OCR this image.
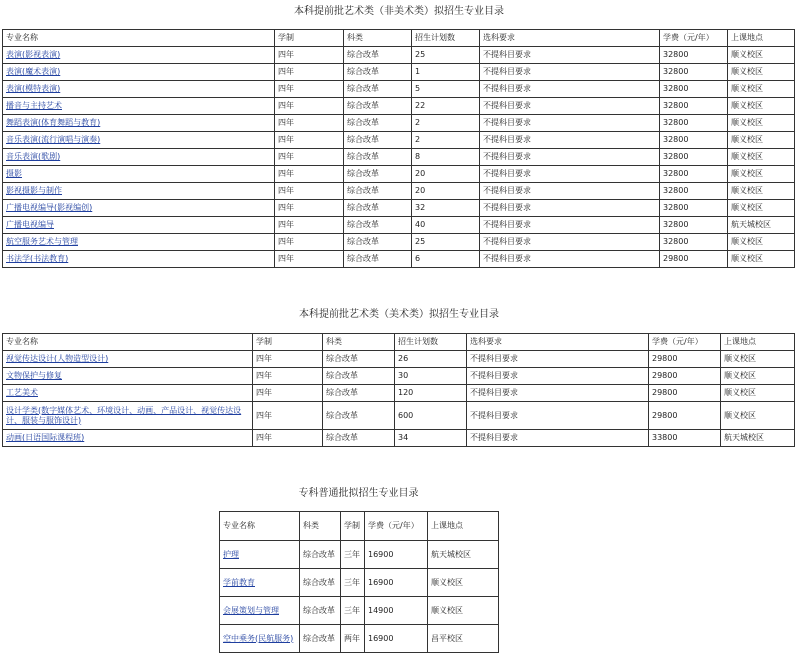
本科提前批艺术类（非美术类）拟招生专业目录
专业名称	学制	科类	招生计划数	选科要求	学费（元/年）	上课地点
表演(影视表演)	四年	综合改革	25	不提科目要求	32800	顺义校区
表演(魔术表演)	四年	综合改革	1	不提科目要求	32800	顺义校区
表演(模特表演)	四年	综合改革	5	不提科目要求	32800	顺义校区
播音与主持艺术	四年	综合改革	22	不提科目要求	32800	顺义校区
舞蹈表演(体育舞蹈与教育)	四年	综合改革	2	不提科目要求	32800	顺义校区
音乐表演(流行演唱与演奏)	四年	综合改革	2	不提科目要求	32800	顺义校区
音乐表演(歌剧)	四年	综合改革	8	不提科目要求	32800	顺义校区
摄影	四年	综合改革	20	不提科目要求	32800	顺义校区
影视摄影与制作	四年	综合改革	20	不提科目要求	32800	顺义校区
广播电视编导(影视编创)	四年	综合改革	32	不提科目要求	32800	顺义校区
广播电视编导	四年	综合改革	40	不提科目要求	32800	航天城校区
航空服务艺术与管理	四年	综合改革	25	不提科目要求	32800	顺义校区
书法学(书法教育)	四年	综合改革	6	不提科目要求	29800	顺义校区
本科提前批艺术类（美术类）拟招生专业目录
专业名称	学制	科类	招生计划数	选科要求	学费（元/年）	上课地点
视觉传达设计(人物造型设计)	四年	综合改革	26	不提科目要求	29800	顺义校区
文物保护与修复	四年	综合改革	30	不提科目要求	29800	顺义校区
工艺美术	四年	综合改革	120	不提科目要求	29800	顺义校区
设计学类(数字媒体艺术、环境设计、动画、产品设计、视觉传达设计、服装与服饰设计)	四年	综合改革	600	不提科目要求	29800	顺义校区
动画(日语国际课程班)	四年	综合改革	34	不提科目要求	33800	航天城校区
专科普通批拟招生专业目录
专业名称	科类	学制	学费（元/年）	上课地点
护理	综合改革	三年	16900	航天城校区
学前教育	综合改革	三年	16900	顺义校区
会展策划与管理	综合改革	三年	14900	顺义校区
空中乘务(民航服务)	综合改革	两年	16900	昌平校区
